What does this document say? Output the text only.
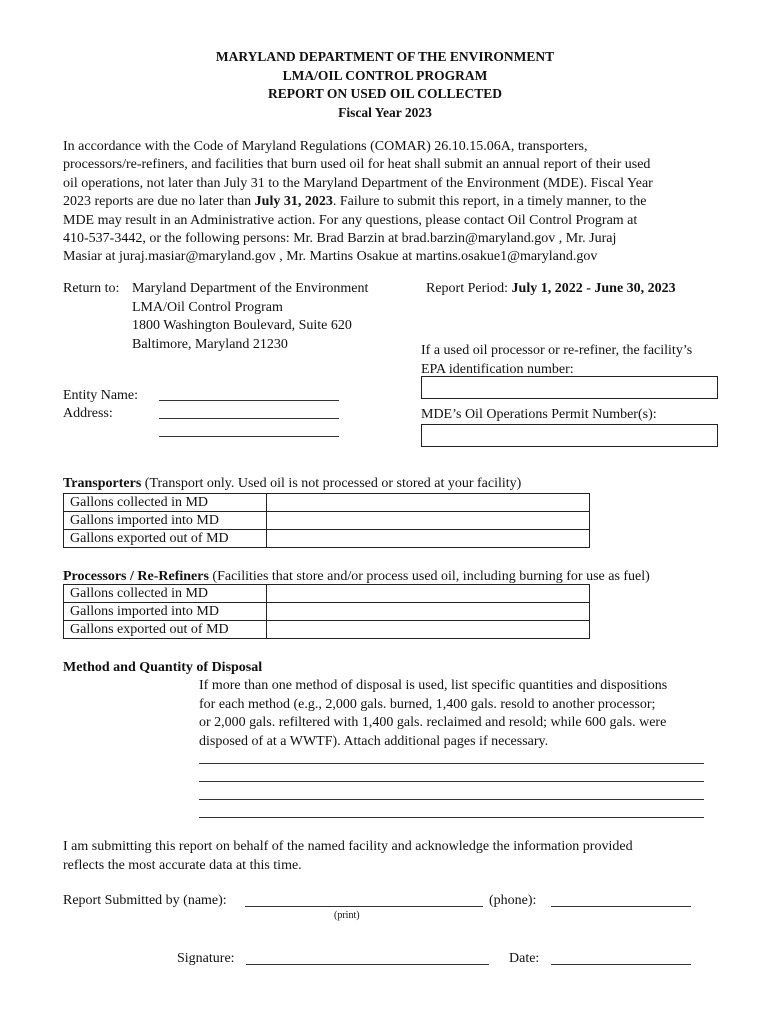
MARYLAND DEPARTMENT OF THE ENVIRONMENT
LMA/OIL CONTROL PROGRAM
REPORT ON USED OIL COLLECTED
Fiscal Year 2023
In accordance with the Code of Maryland Regulations (COMAR) 26.10.15.06A, transporters,
processors/re-refiners, and facilities that burn used oil for heat shall submit an annual report of their used
oil operations, not later than July 31 to the Maryland Department of the Environment (MDE). Fiscal Year
2023 reports are due no later than July 31, 2023. Failure to submit this report, in a timely manner, to the
MDE may result in an Administrative action. For any questions, please contact Oil Control Program at
410-537-3442, or the following persons: Mr. Brad Barzin at brad.barzin@maryland.gov , Mr. Juraj
Masiar at juraj.masiar@maryland.gov , Mr. Martins Osakue at martins.osakue1@maryland.gov
Return to: Maryland Department of the Environment
LMA/Oil Control Program
1800 Washington Boulevard, Suite 620
Baltimore, Maryland 21230
Report Period: July 1, 2022 - June 30, 2023
If a used oil processor or re-refiner, the facility’s
EPA identification number:
MDE’s Oil Operations Permit Number(s):
Entity Name:
Address:
Transporters (Transport only. Used oil is not processed or stored at your facility)
Gallons collected in MD	
Gallons imported into MD	
Gallons exported out of MD	
Processors / Re-Refiners (Facilities that store and/or process used oil, including burning for use as fuel)
Gallons collected in MD	
Gallons imported into MD	
Gallons exported out of MD	
Method and Quantity of Disposal
If more than one method of disposal is used, list specific quantities and dispositions
for each method (e.g., 2,000 gals. burned, 1,400 gals. resold to another processor;
or 2,000 gals. refiltered with 1,400 gals. reclaimed and resold; while 600 gals. were
disposed of at a WWTF). Attach additional pages if necessary.
I am submitting this report on behalf of the named facility and acknowledge the information provided
reflects the most accurate data at this time.
Report Submitted by (name):	(phone):
(print)
Signature:	Date:
